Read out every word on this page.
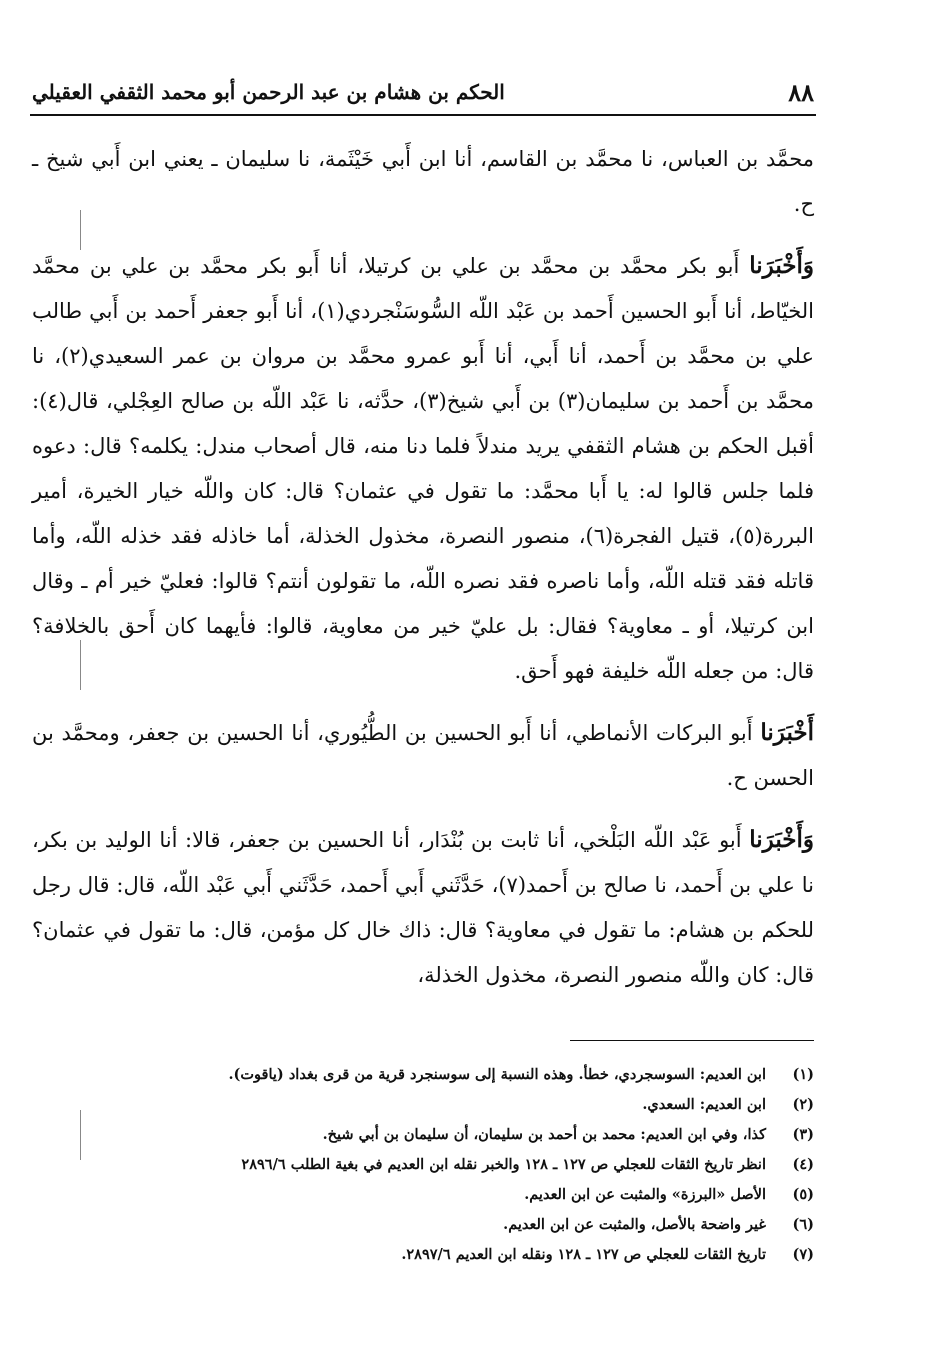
٨٨
الحكم بن هشام بن عبد الرحمن أبو محمد الثقفي العقيلي

محمَّد بن العباس، نا محمَّد بن القاسم، أنا ابن أَبي خَيْثَمة، نا سليمان ـ يعني ابن أَبي شيخ ـ ح.

وَأَخْبَرَنا أَبو بكر محمَّد بن محمَّد بن علي بن كرتيلا، أنا أَبو بكر محمَّد بن علي بن محمَّد الخيّاط، أنا أَبو الحسين أَحمد بن عَبْد اللّه السُّوسَنْجردي(١)، أنا أَبو جعفر أَحمد بن أَبي طالب علي بن محمَّد بن أَحمد، أنا أَبي، أنا أَبو عمرو محمَّد بن مروان بن عمر السعيدي(٢)، نا محمَّد بن أَحمد بن سليمان(٣) بن أَبي شيخ(٣)، حدَّثه، نا عَبْد اللّه بن صالح العِجْلي، قال(٤): أقبل الحكم بن هشام الثقفي يريد مندلاً فلما دنا منه، قال أصحاب مندل: يكلمه؟ قال: دعوه فلما جلس قالوا له: يا أَبا محمَّد: ما تقول في عثمان؟ قال: كان واللّه خيار الخيرة، أمير البررة(٥)، قتيل الفجرة(٦)، منصور النصرة، مخذول الخذلة، أما خاذله فقد خذله اللّه، وأما قاتله فقد قتله اللّه، وأما ناصره فقد نصره اللّه، ما تقولون أنتم؟ قالوا: فعليّ خير أم ـ وقال ابن كرتيلا، أو ـ معاوية؟ فقال: بل عليّ خير من معاوية، قالوا: فأيهما كان أَحق بالخلافة؟ قال: من جعله اللّه خليفة فهو أَحق.

أَخْبَرَنا أَبو البركات الأنماطي، أنا أَبو الحسين بن الطُّيُوري، أنا الحسين بن جعفر، ومحمَّد بن الحسن ح.

وَأَخْبَرَنا أَبو عَبْد اللّه البَلْخي، أنا ثابت بن بُنْدَار، أنا الحسين بن جعفر، قالا: أنا الوليد بن بكر، نا علي بن أَحمد، نا صالح بن أَحمد(٧)، حَدَّثَني أَبي أَحمد، حَدَّثَني أَبي عَبْد اللّه، قال: قال رجل للحكم بن هشام: ما تقول في معاوية؟ قال: ذاك خال كل مؤمن، قال: ما تقول في عثمان؟ قال: كان واللّه منصور النصرة، مخذول الخذلة،

(١)
ابن العديم: السوسجردي، خطأ. وهذه النسبة إلى سوسنجرد قرية من قرى بغداد (ياقوت).
(٢)
ابن العديم: السعدي.
(٣)
كذا، وفي ابن العديم: محمد بن أحمد بن سليمان، أن سليمان بن أبي شيخ.
(٤)
انظر تاريخ الثقات للعجلي ص ١٢٧ ـ ١٢٨ والخبر نقله ابن العديم في بغية الطلب ٢٨٩٦/٦
(٥)
الأصل «البرزة» والمثبت عن ابن العديم.
(٦)
غير واضحة بالأصل، والمثبت عن ابن العديم.
(٧)
تاريخ الثقات للعجلي ص ١٢٧ ـ ١٢٨ ونقله ابن العديم ٢٨٩٧/٦.
